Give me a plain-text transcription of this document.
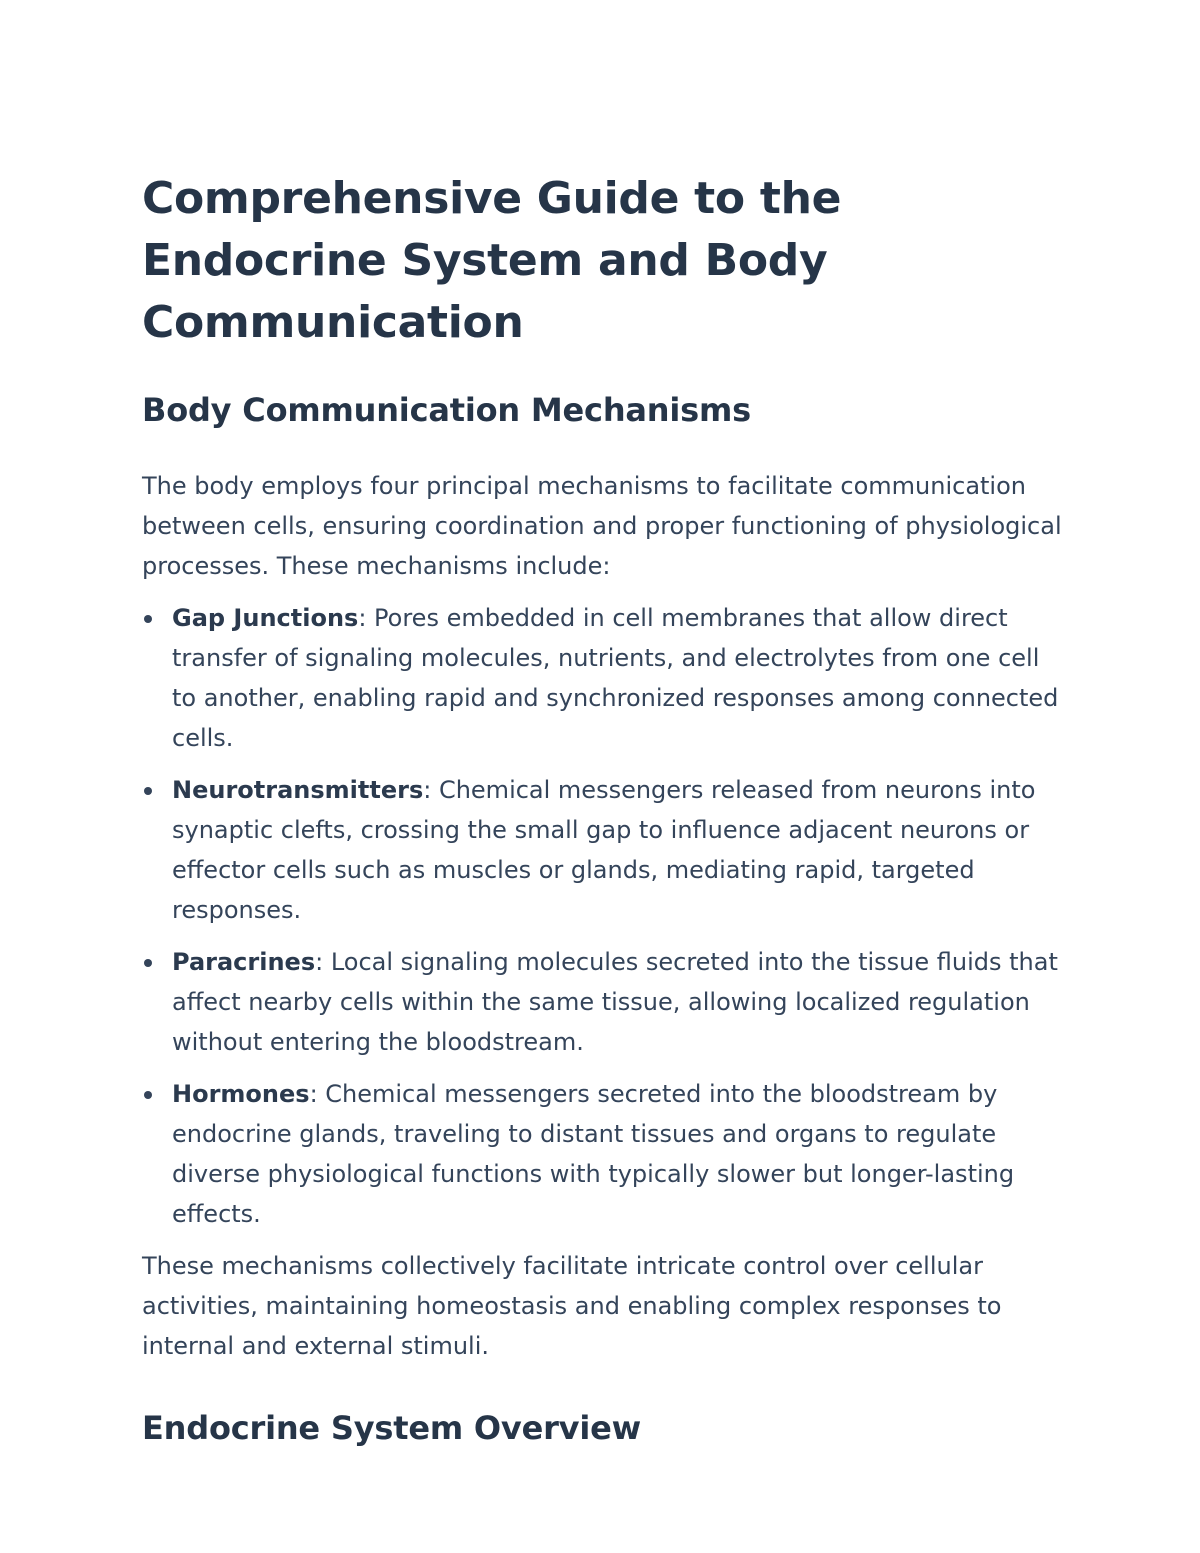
Comprehensive Guide to the Endocrine System and Body Communication
Body Communication Mechanisms

The body employs four principal mechanisms to facilitate communication between cells, ensuring coordination and proper functioning of physiological processes. These mechanisms include:

Gap Junctions: Pores embedded in cell membranes that allow direct transfer of signaling molecules, nutrients, and electrolytes from one cell to another, enabling rapid and synchronized responses among connected cells.
Neurotransmitters: Chemical messengers released from neurons into synaptic clefts, crossing the small gap to influence adjacent neurons or effector cells such as muscles or glands, mediating rapid, targeted responses.
Paracrines: Local signaling molecules secreted into the tissue fluids that affect nearby cells within the same tissue, allowing localized regulation without entering the bloodstream.
Hormones: Chemical messengers secreted into the bloodstream by endocrine glands, traveling to distant tissues and organs to regulate diverse physiological functions with typically slower but longer-lasting effects.

These mechanisms collectively facilitate intricate control over cellular activities, maintaining homeostasis and enabling complex responses to internal and external stimuli.

Endocrine System Overview
